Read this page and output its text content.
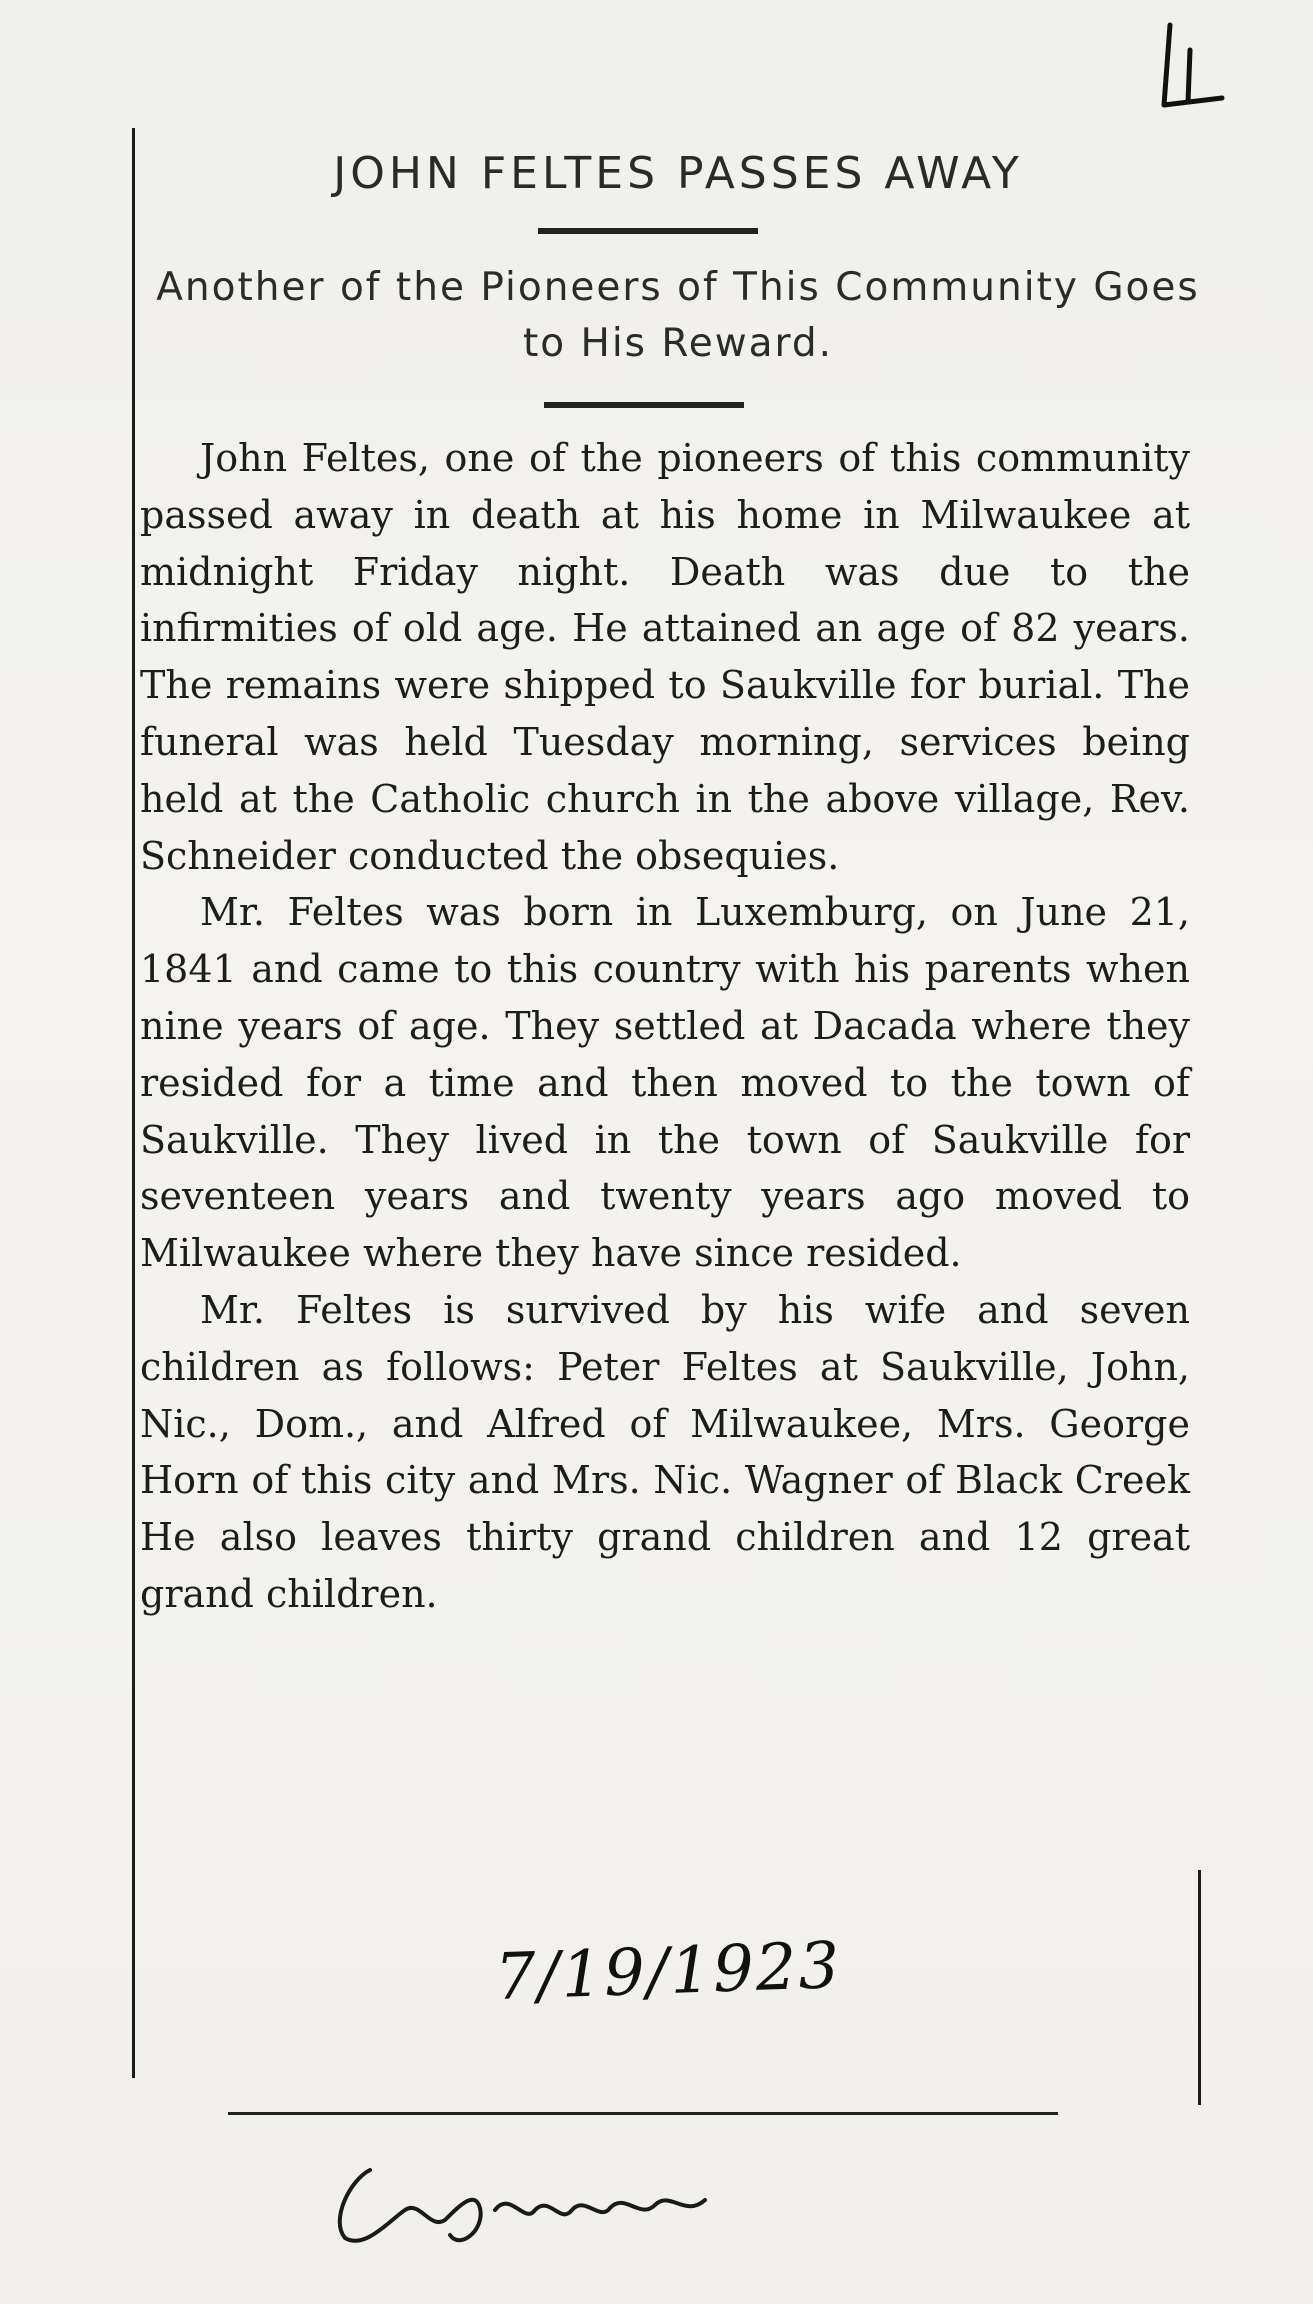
JOHN FELTES PASSES AWAY
Another of the Pioneers of This Community Goes to His Reward.

John Feltes, one of the pioneers of this community passed away in death at his home in Milwaukee at midnight Friday night. Death was due to the infirmities of old age. He attained an age of 82 years. The remains were shipped to Saukville for burial. The funeral was held Tuesday morning, services being held at the Catholic church in the above village, Rev. Schneider conducted the obsequies.

Mr. Feltes was born in Luxemburg, on June 21, 1841 and came to this country with his parents when nine years of age. They settled at Dacada where they resided for a time and then moved to the town of Saukville. They lived in the town of Saukville for seventeen years and twenty years ago moved to Milwaukee where they have since resided.

Mr. Feltes is survived by his wife and seven children as follows: Peter Feltes at Saukville, John, Nic., Dom., and Alfred of Milwaukee, Mrs. George Horn of this city and Mrs. Nic. Wagner of Black Creek He also leaves thirty grand children and 12 great grand children.

7/19/1923
